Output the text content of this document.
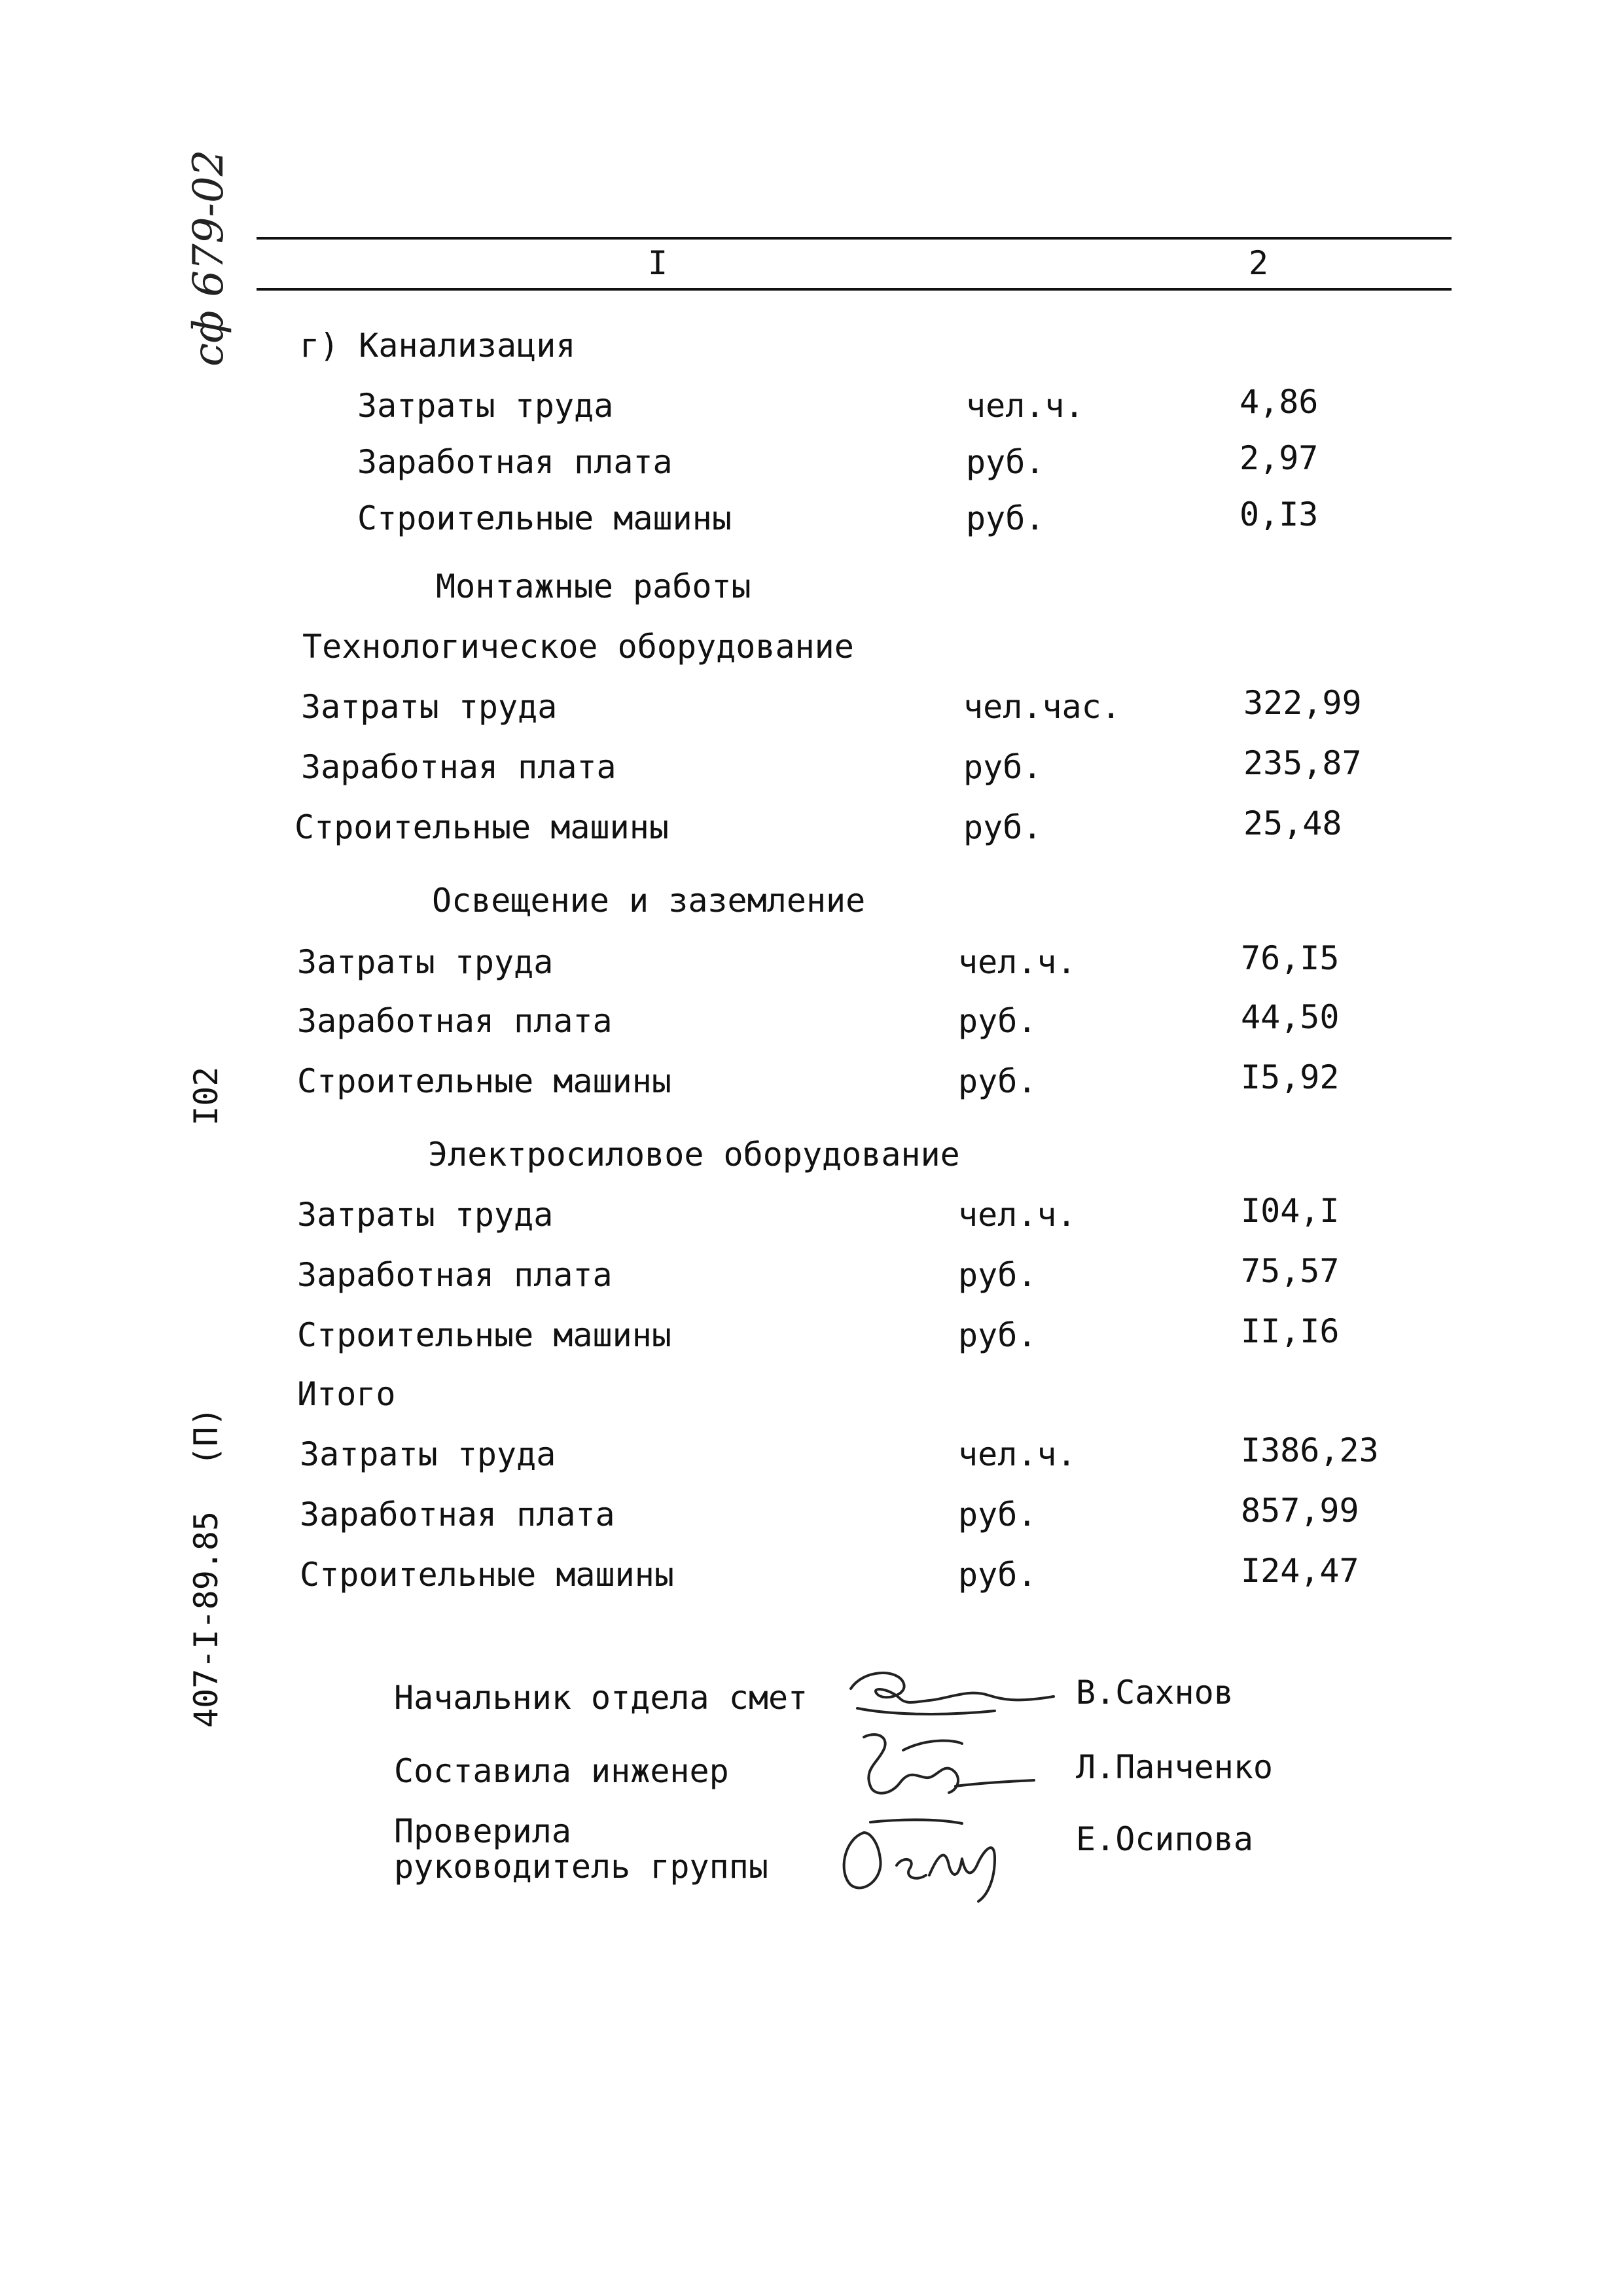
сф 679-02
I02
(П)
407-I-89.85
I	2
г) Канализация
Затраты труда	чел.ч.	4,86
Заработная плата	руб.	2,97
Строительные машины	руб.	0,I3
Монтажные работы
Технологическое оборудование
Затраты труда	чел.час.	322,99
Заработная плата	руб.	235,87
Строительные машины	руб.	25,48
Освещение и заземление
Затраты труда	чел.ч.	76,I5
Заработная плата	руб.	44,50
Строительные машины	руб.	I5,92
Электросиловое оборудование
Затраты труда	чел.ч.	I04,I
Заработная плата	руб.	75,57
Строительные машины	руб.	II,I6
Итого
Затраты труда	чел.ч.	I386,23
Заработная плата	руб.	857,99
Строительные машины	руб.	I24,47
Начальник отдела смет	В.Сахнов
Составила инженер	Л.Панченко
Проверила
руководитель группы
Е.Осипова
